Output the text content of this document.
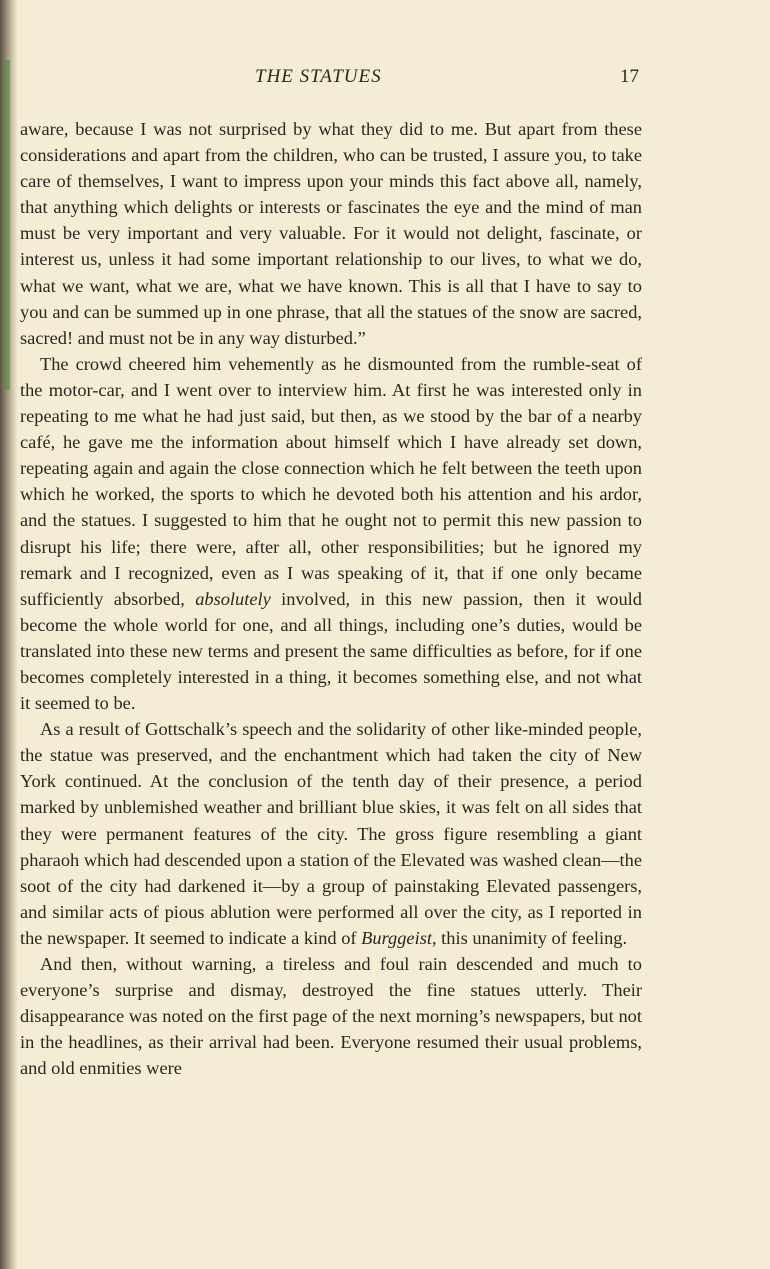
THE STATUES	17

aware, because I was not surprised by what they did to me. But apart from these considerations and apart from the children, who can be trusted, I assure you, to take care of themselves, I want to impress upon your minds this fact above all, namely, that anything which delights or interests or fascinates the eye and the mind of man must be very important and very valuable. For it would not delight, fascinate, or interest us, unless it had some important relationship to our lives, to what we do, what we want, what we are, what we have known. This is all that I have to say to you and can be summed up in one phrase, that all the statues of the snow are sacred, sacred! and must not be in any way disturbed.”

The crowd cheered him vehemently as he dismounted from the rumble-seat of the motor-car, and I went over to interview him. At first he was interested only in repeating to me what he had just said, but then, as we stood by the bar of a nearby café, he gave me the information about himself which I have already set down, repeating again and again the close connection which he felt between the teeth upon which he worked, the sports to which he devoted both his attention and his ardor, and the statues. I suggested to him that he ought not to permit this new passion to disrupt his life; there were, after all, other responsibilities; but he ignored my remark and I recognized, even as I was speaking of it, that if one only became sufficiently absorbed, absolutely involved, in this new passion, then it would become the whole world for one, and all things, including one’s duties, would be translated into these new terms and present the same difficulties as before, for if one becomes completely interested in a thing, it becomes something else, and not what it seemed to be.

As a result of Gottschalk’s speech and the solidarity of other like-minded people, the statue was preserved, and the enchantment which had taken the city of New York continued. At the conclusion of the tenth day of their presence, a period marked by unblemished weather and brilliant blue skies, it was felt on all sides that they were permanent features of the city. The gross figure resembling a giant pharaoh which had descended upon a station of the Elevated was washed clean—the soot of the city had darkened it—by a group of painstaking Elevated passengers, and similar acts of pious ablution were performed all over the city, as I reported in the newspaper. It seemed to indicate a kind of Burggeist, this unanimity of feeling.

And then, without warning, a tireless and foul rain descended and much to everyone’s surprise and dismay, destroyed the fine statues utterly. Their disappearance was noted on the first page of the next morning’s newspapers, but not in the headlines, as their arrival had been. Everyone resumed their usual problems, and old enmities were
